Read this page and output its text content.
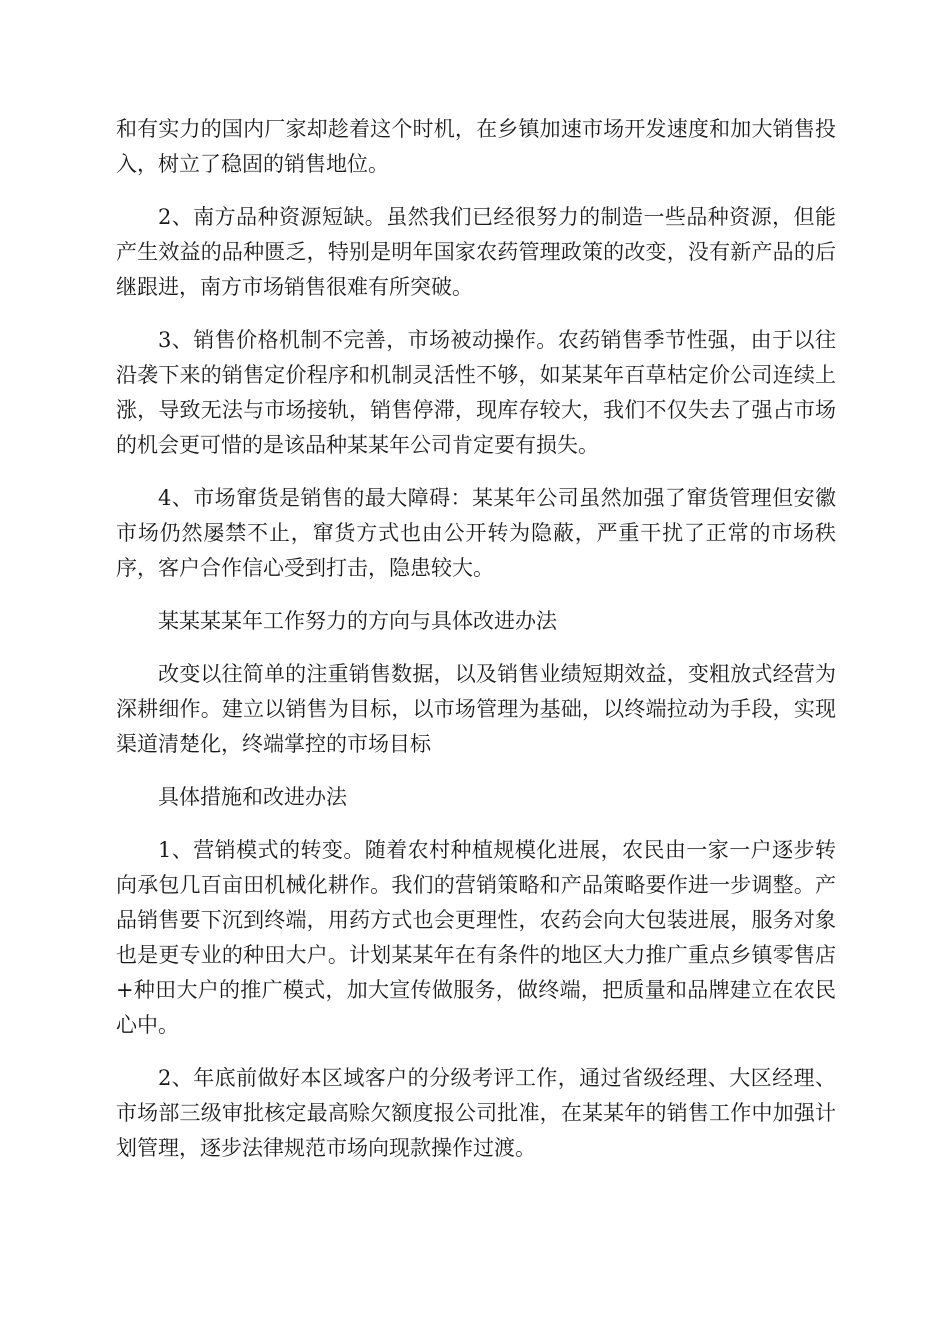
和有实力的国内厂家却趁着这个时机，在乡镇加速市场开发速度和加大销售投入，树立了稳固的销售地位。

2、南方品种资源短缺。虽然我们已经很努力的制造一些品种资源，但能产生效益的品种匮乏，特别是明年国家农药管理政策的改变，没有新产品的后继跟进，南方市场销售很难有所突破。

3、销售价格机制不完善，市场被动操作。农药销售季节性强，由于以往沿袭下来的销售定价程序和机制灵活性不够，如某某年百草枯定价公司连续上涨，导致无法与市场接轨，销售停滞，现库存较大，我们不仅失去了强占市场的机会更可惜的是该品种某某年公司肯定要有损失。

4、市场窜货是销售的最大障碍：某某年公司虽然加强了窜货管理但安徽市场仍然屡禁不止，窜货方式也由公开转为隐蔽，严重干扰了正常的市场秩序，客户合作信心受到打击，隐患较大。

某某某某年工作努力的方向与具体改进办法

改变以往简单的注重销售数据，以及销售业绩短期效益，变粗放式经营为深耕细作。建立以销售为目标，以市场管理为基础，以终端拉动为手段，实现渠道清楚化，终端掌控的市场目标

具体措施和改进办法

1、营销模式的转变。随着农村种植规模化进展，农民由一家一户逐步转向承包几百亩田机械化耕作。我们的营销策略和产品策略要作进一步调整。产品销售要下沉到终端，用药方式也会更理性，农药会向大包装进展，服务对象也是更专业的种田大户。计划某某年在有条件的地区大力推广重点乡镇零售店+种田大户的推广模式，加大宣传做服务，做终端，把质量和品牌建立在农民心中。

2、年底前做好本区域客户的分级考评工作，通过省级经理、大区经理、市场部三级审批核定最高赊欠额度报公司批准，在某某年的销售工作中加强计划管理，逐步法律规范市场向现款操作过渡。
